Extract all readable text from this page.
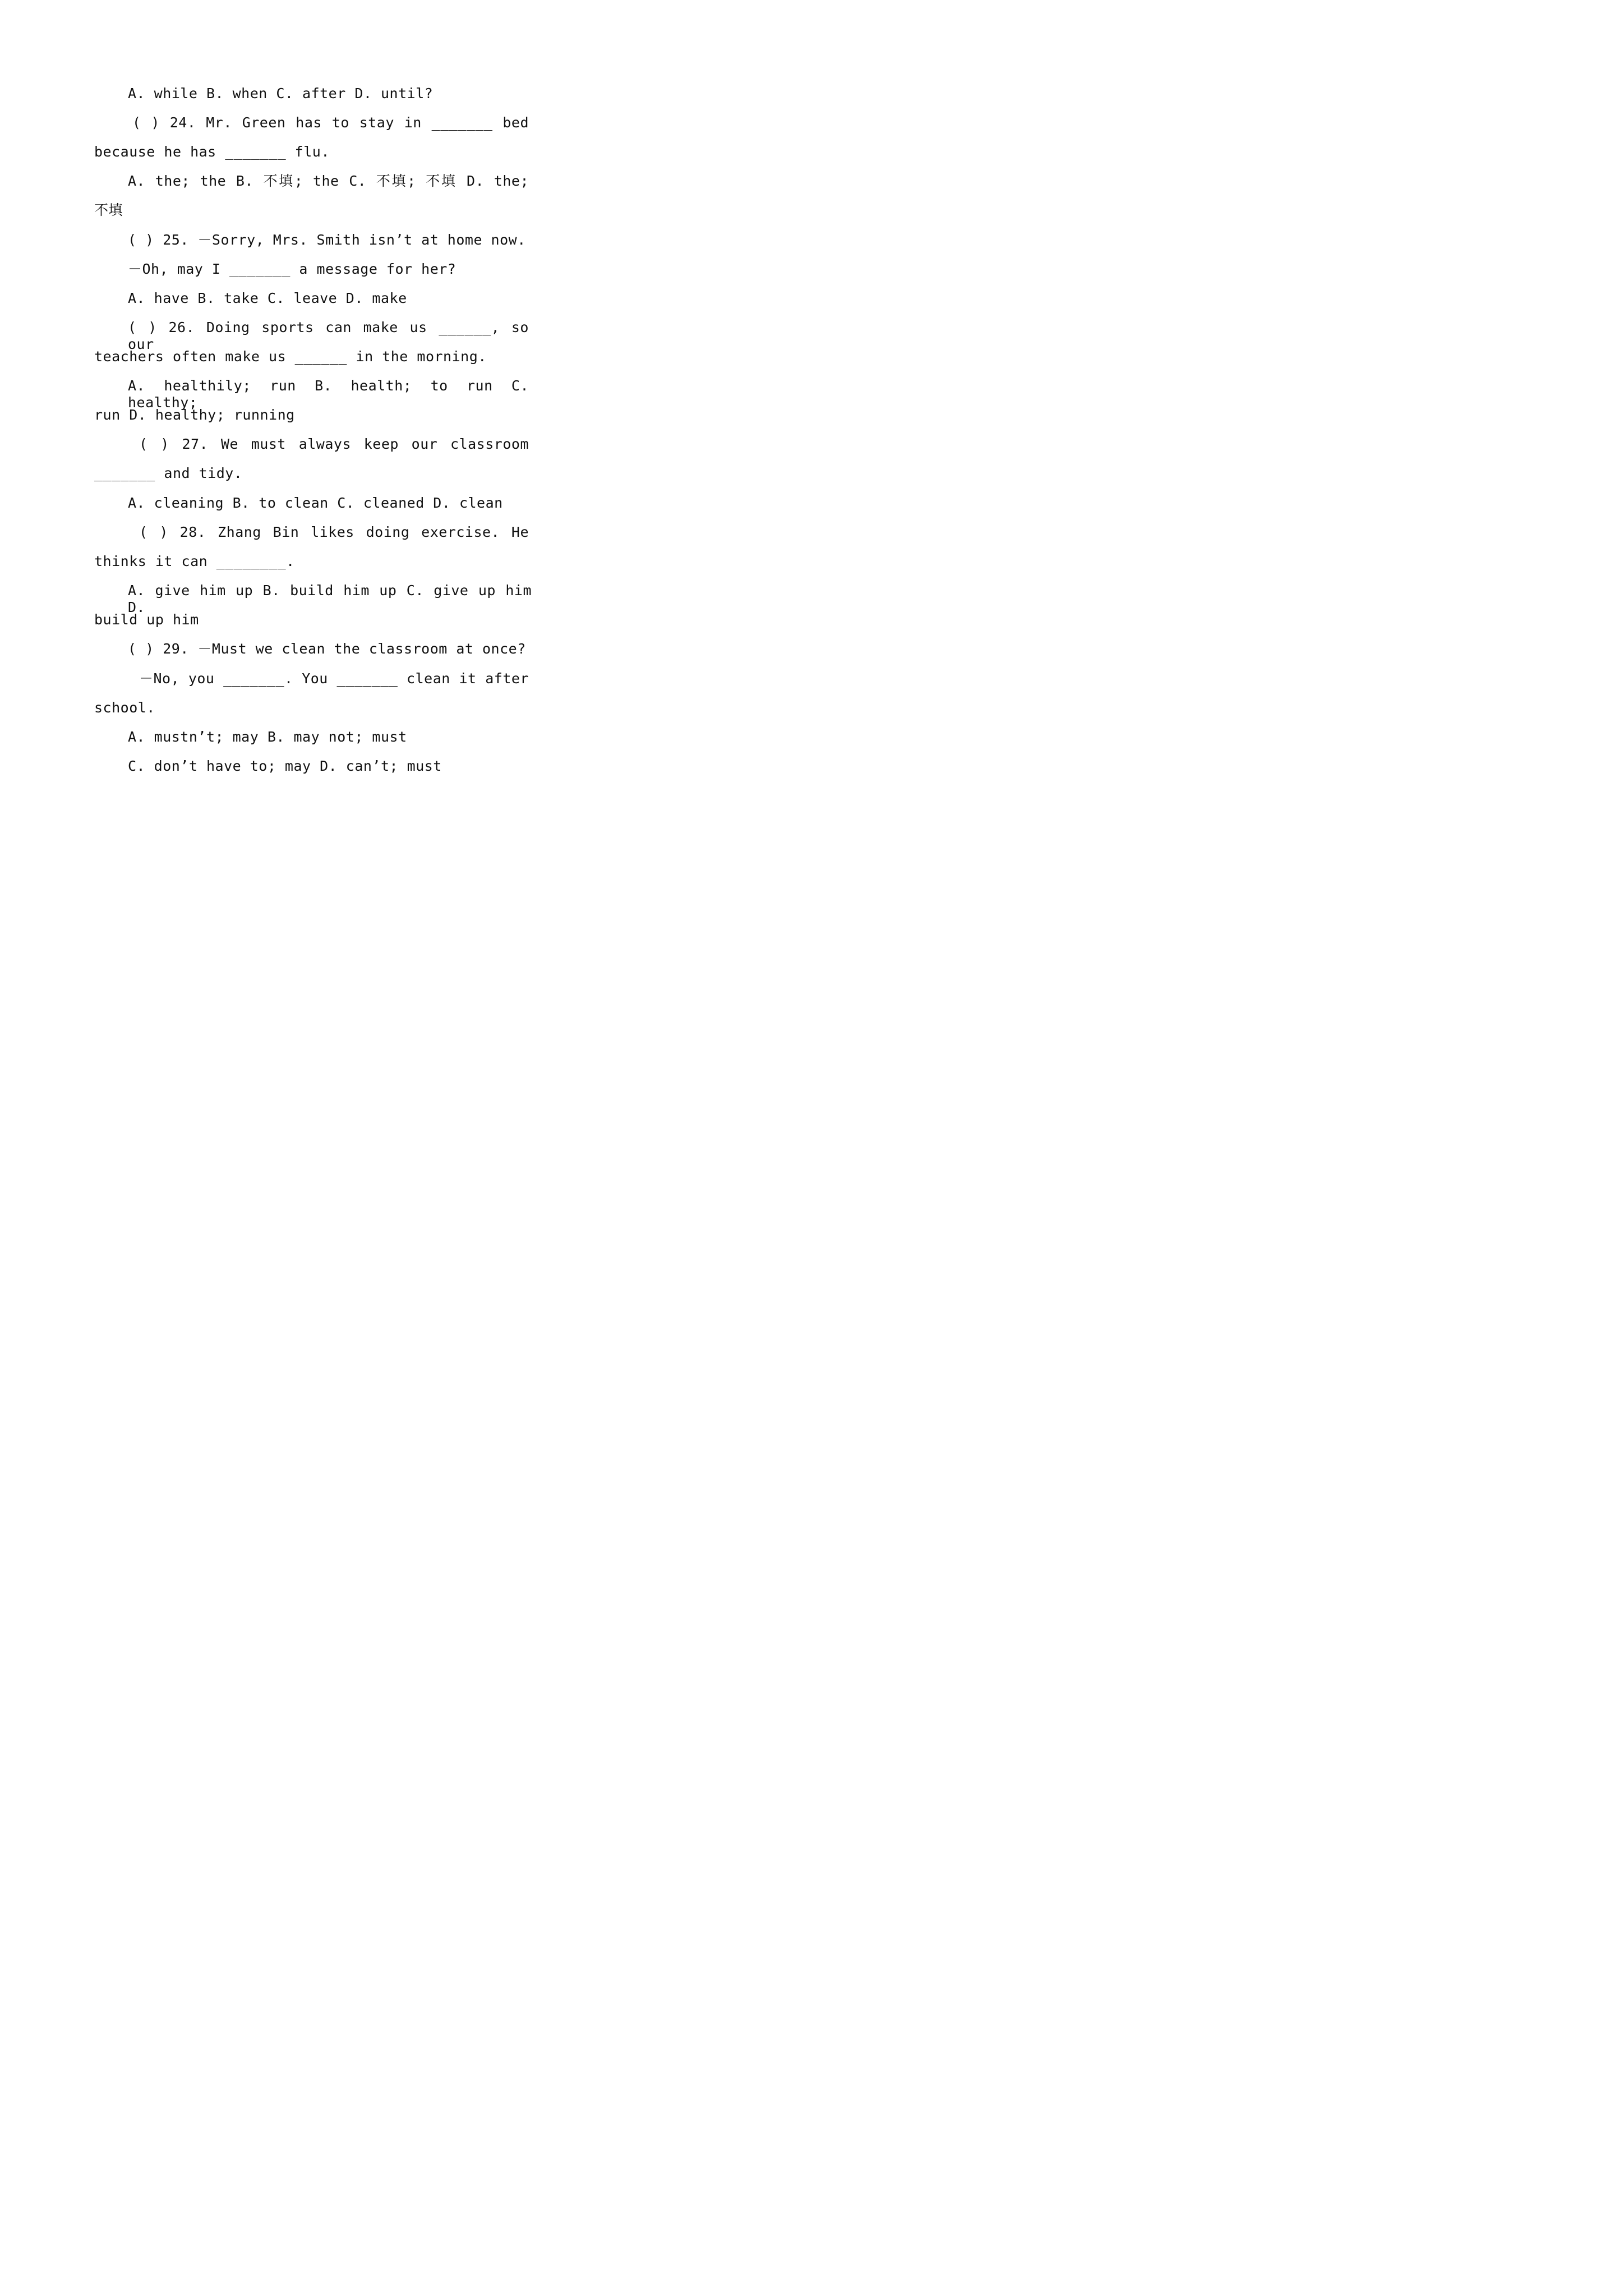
A. while B. when C. after D. until?
( ) 24. Mr. Green has to stay in _______ bed
because he has _______ flu.
A. the; the B. 不填; the C. 不填; 不填 D. the;
不填
( ) 25. －Sorry, Mrs. Smith isn’t at home now.
－Oh, may I _______ a message for her?
A. have B. take C. leave D. make
( ) 26. Doing sports can make us ______, so our
teachers often make us ______ in the morning.
A. healthily; run B. health; to run C. healthy;
run D. healthy; running
( ) 27. We must always keep our classroom
_______ and tidy.
A. cleaning B. to clean C. cleaned D. clean
( ) 28. Zhang Bin likes doing exercise. He
thinks it can ________.
A. give him up B. build him up C. give up him D.
build up him
( ) 29. －Must we clean the classroom at once?
－No, you _______. You _______ clean it after
school.
A. mustn’t; may B. may not; must
C. don’t have to; may D. can’t; must
